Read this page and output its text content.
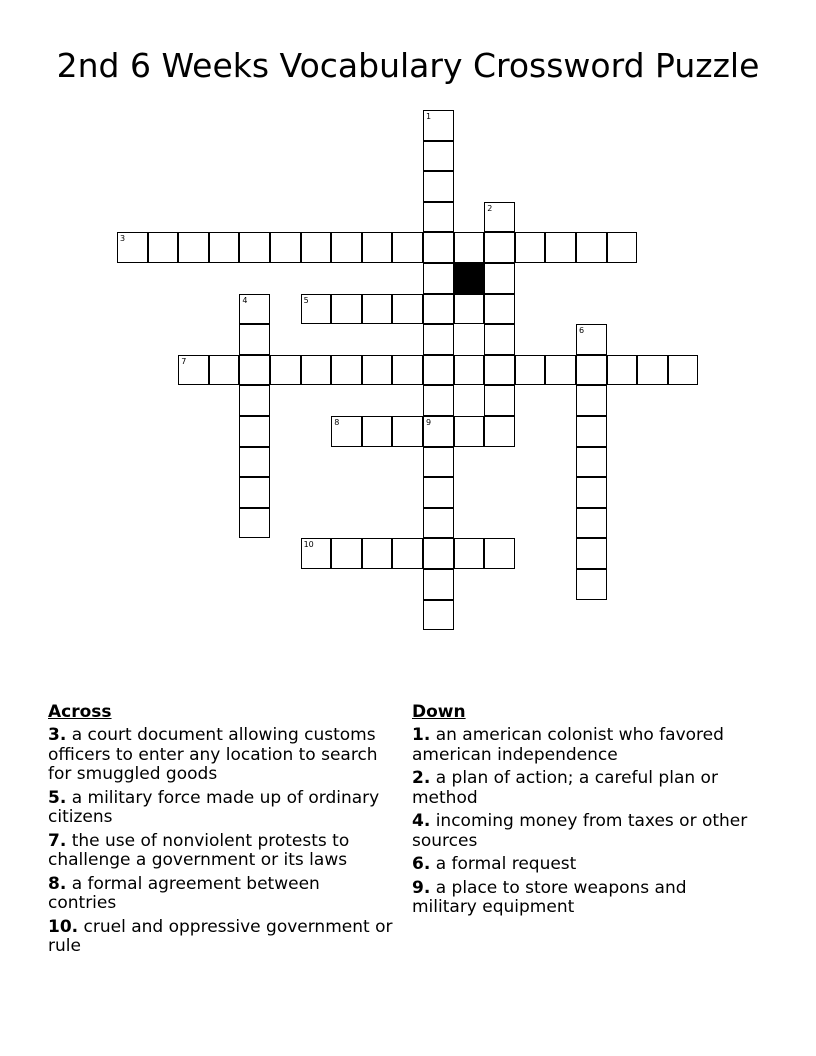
2nd 6 Weeks Vocabulary Crossword Puzzle
1
2
3
4	5
6
7
8	9
10
Across
3. a court document allowing customs officers to enter any location to search for smuggled goods
5. a military force made up of ordinary citizens
7. the use of nonviolent protests to challenge a government or its laws
8. a formal agreement between contries
10. cruel and oppressive government or rule
Down
1. an american colonist who favored american independence
2. a plan of action; a careful plan or method
4. incoming money from taxes or other sources
6. a formal request
9. a place to store weapons and military equipment
